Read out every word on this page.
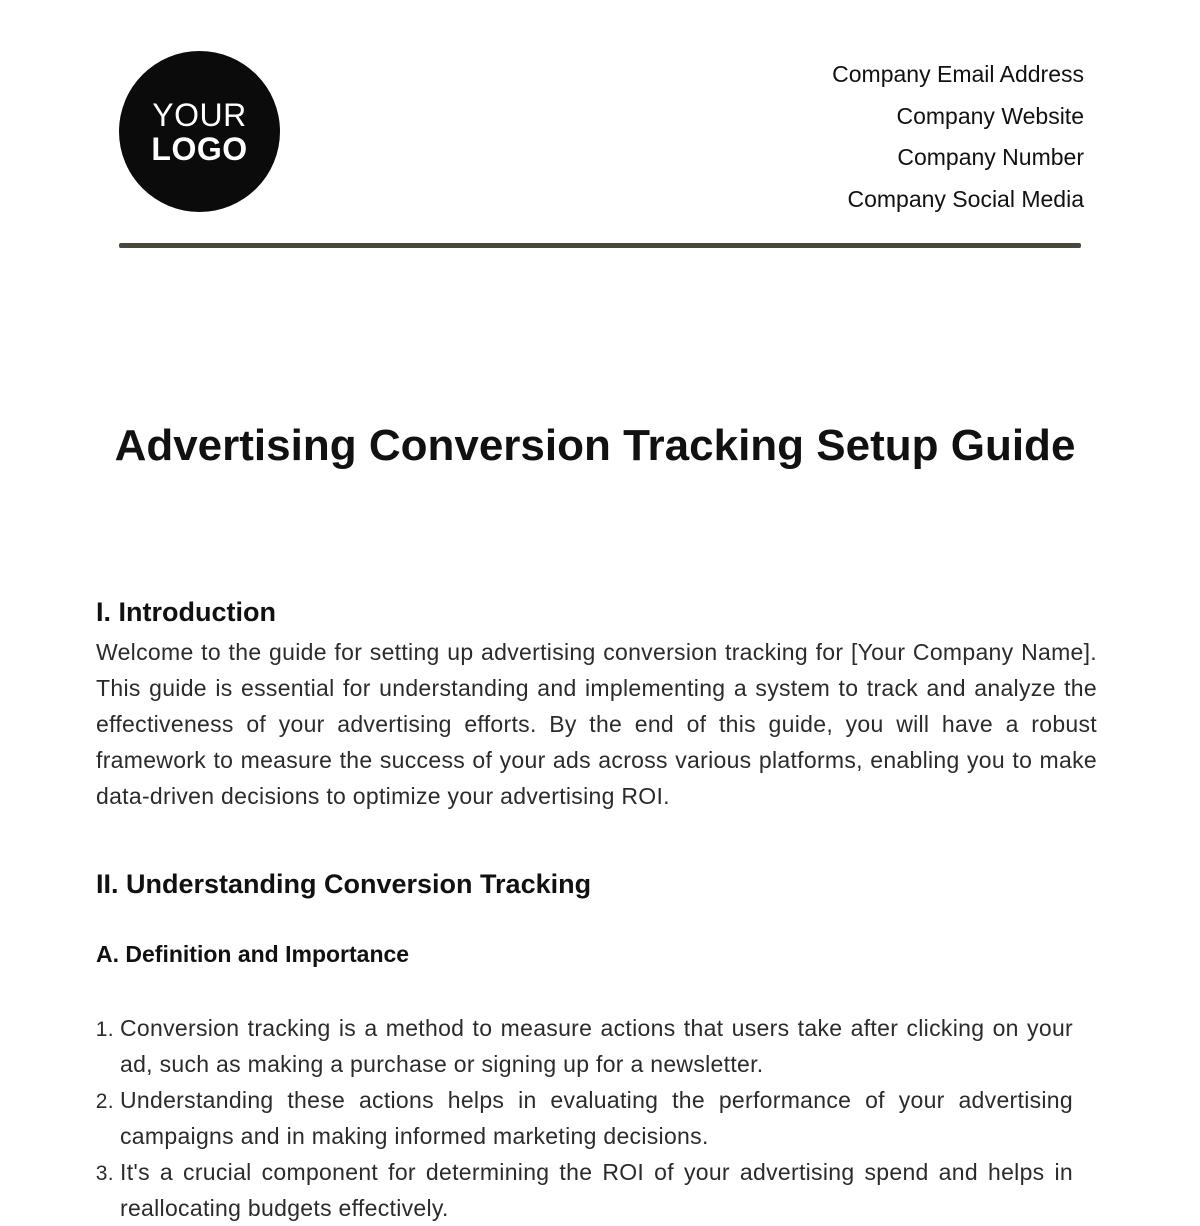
YOUR
LOGO
Company Email Address
Company Website
Company Number
Company Social Media
Advertising Conversion Tracking Setup Guide
I. Introduction

Welcome to the guide for setting up advertising conversion tracking for [Your Company Name]. This guide is essential for understanding and implementing a system to track and analyze the effectiveness of your advertising efforts. By the end of this guide, you will have a robust framework to measure the success of your ads across various platforms, enabling you to make data-driven decisions to optimize your advertising ROI.

II. Understanding Conversion Tracking
A. Definition and Importance
1. Conversion tracking is a method to measure actions that users take after clicking on your ad, such as making a purchase or signing up for a newsletter.
2. Understanding these actions helps in evaluating the performance of your advertising campaigns and in making informed marketing decisions.
3. It's a crucial component for determining the ROI of your advertising spend and helps in reallocating budgets effectively.
